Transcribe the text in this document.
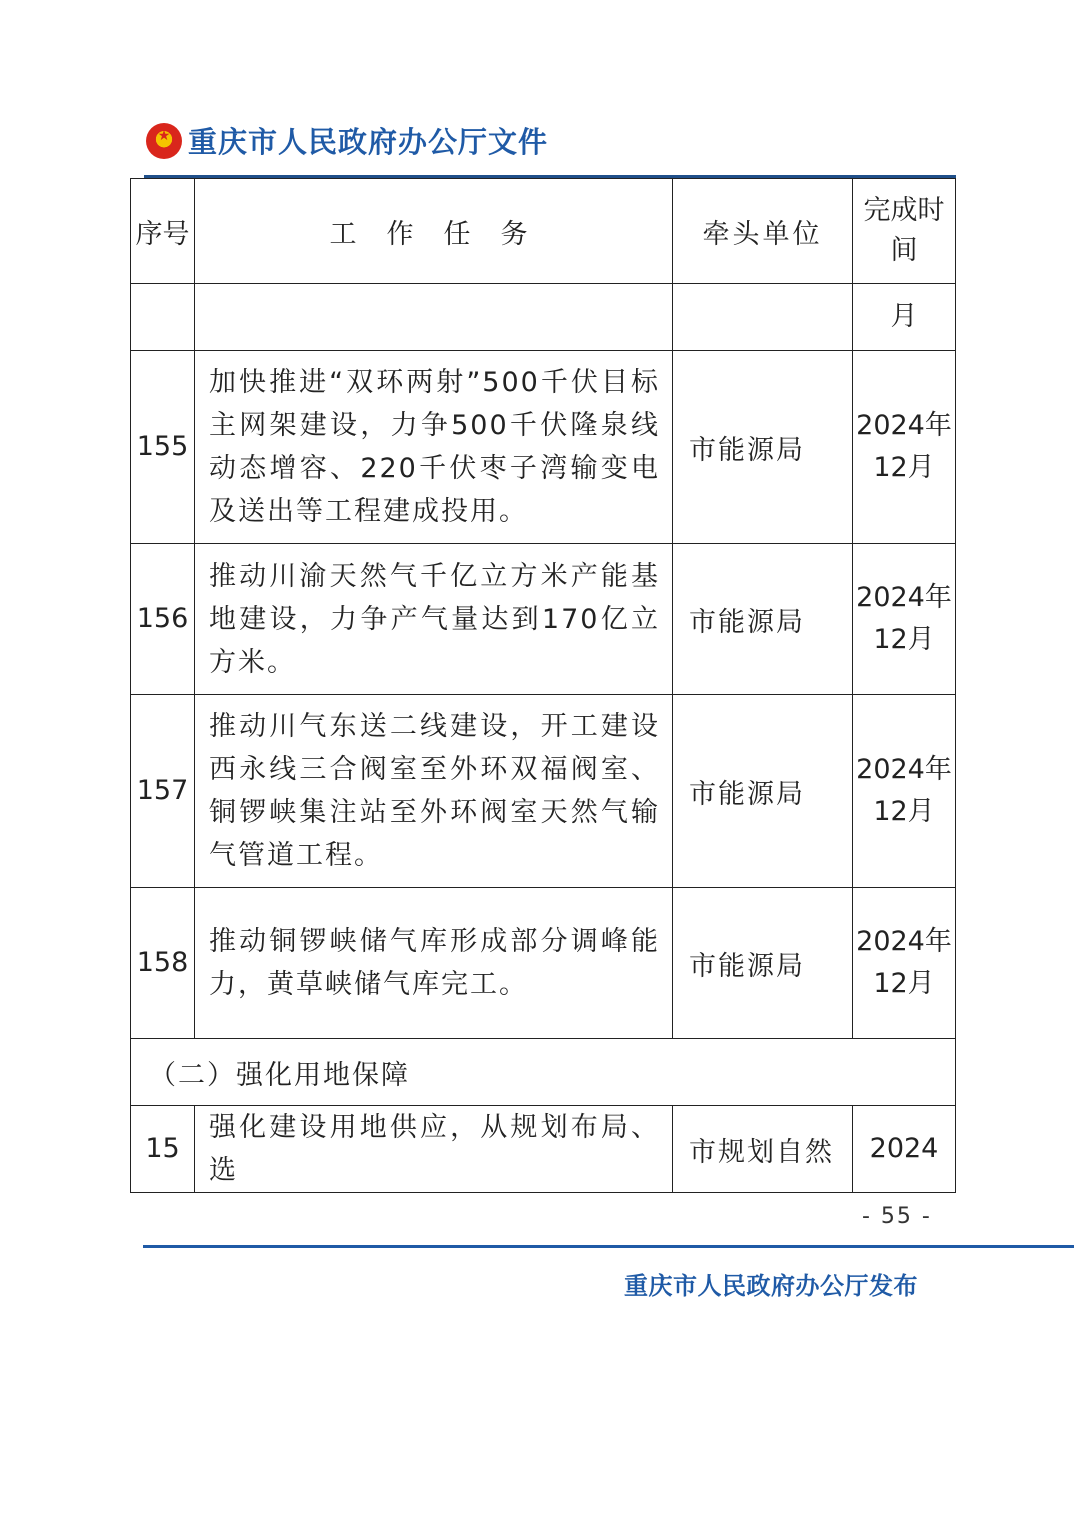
★
重庆市人民政府办公厅文件
序号	工作任务	牵头单位	完成时间
			月
155	加快推进“双环两射”500千伏目标主网架建设，力争500千伏隆泉线动态增容、220千伏枣子湾输变电及送出等工程建成投用。	市能源局	2024年12月
156	推动川渝天然气千亿立方米产能基地建设，力争产气量达到170亿立方米。	市能源局	2024年12月
157	推动川气东送二线建设，开工建设西永线三合阀室至外环双福阀室、铜锣峡集注站至外环阀室天然气输气管道工程。	市能源局	2024年12月
158	推动铜锣峡储气库形成部分调峰能力，黄草峡储气库完工。	市能源局	2024年12月
（二）强化用地保障			
15	强化建设用地供应，从规划布局、选	市规划自然	2024
- 55 -
重庆市人民政府办公厅发布
